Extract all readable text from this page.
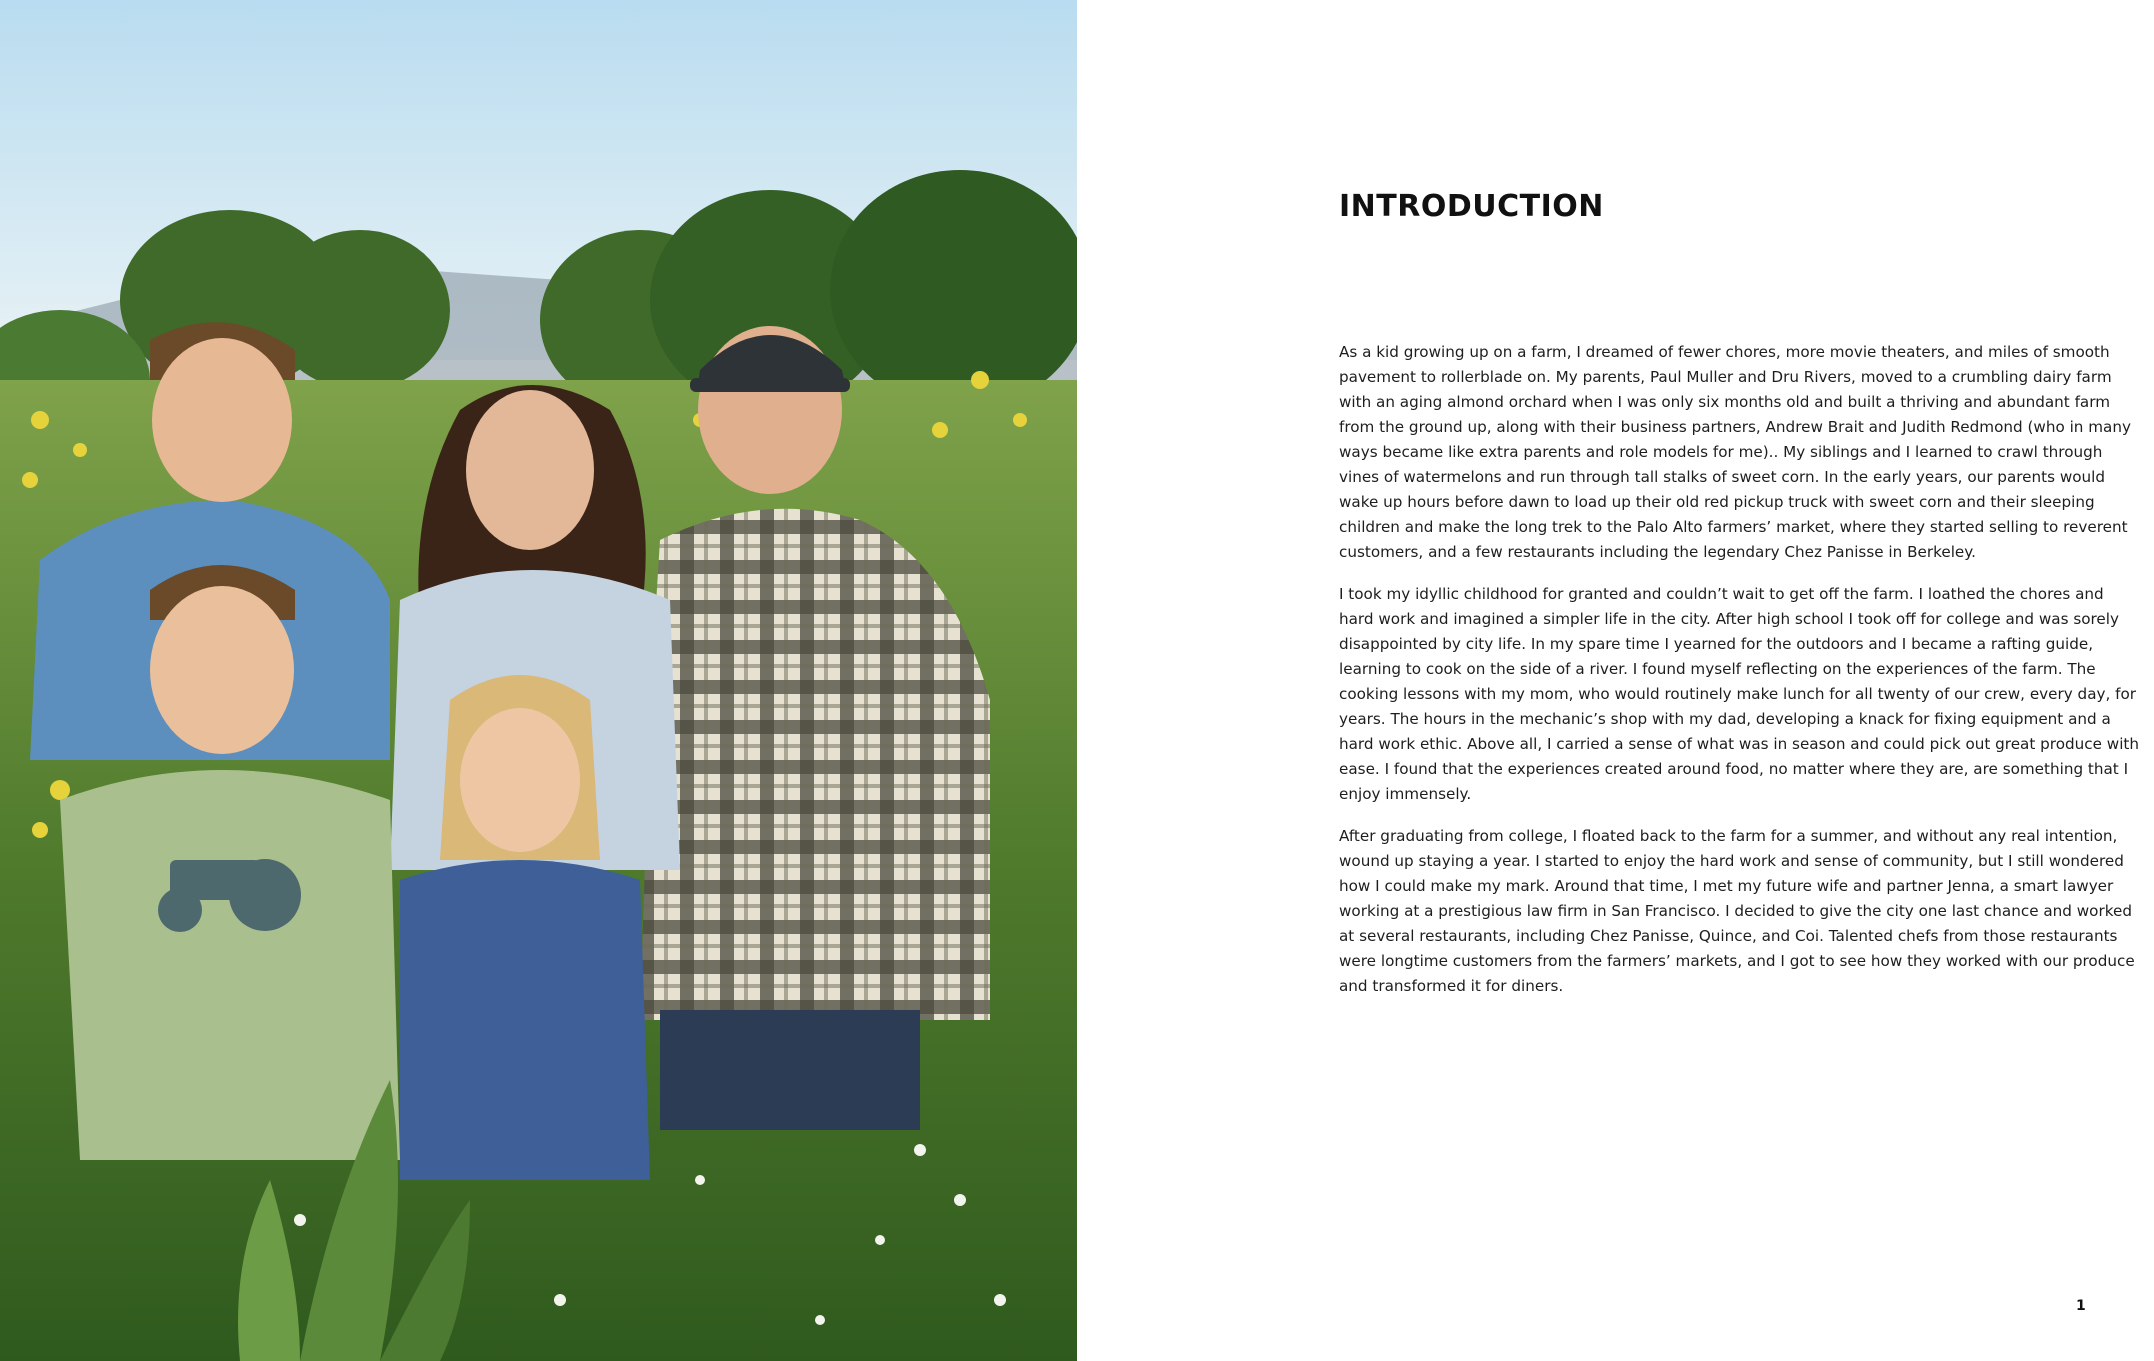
INTRODUCTION

As a kid growing up on a farm, I dreamed of fewer chores, more movie theaters, and miles of smooth pavement to rollerblade on. My parents, Paul Muller and Dru Rivers, moved to a crumbling dairy farm with an aging almond orchard when I was only six months old and built a thriving and abundant farm from the ground up, along with their business partners, Andrew Brait and Judith Redmond (who in many ways became like extra parents and role models for me).. My siblings and I learned to crawl through vines of watermelons and run through tall stalks of sweet corn. In the early years, our parents would wake up hours before dawn to load up their old red pickup truck with sweet corn and their sleeping children and make the long trek to the Palo Alto farmers’ market, where they started selling to reverent customers, and a few restaurants including the legendary Chez Panisse in Berkeley.

I took my idyllic childhood for granted and couldn’t wait to get off the farm. I loathed the chores and hard work and imagined a simpler life in the city. After high school I took off for college and was sorely disappointed by city life. In my spare time I yearned for the outdoors and I became a rafting guide, learning to cook on the side of a river. I found myself reflecting on the experiences of the farm. The cooking lessons with my mom, who would routinely make lunch for all twenty of our crew, every day, for years. The hours in the mechanic’s shop with my dad, developing a knack for fixing equipment and a hard work ethic. Above all, I carried a sense of what was in season and could pick out great produce with ease. I found that the experiences created around food, no matter where they are, are something that I enjoy immensely.

After graduating from college, I floated back to the farm for a summer, and without any real intention, wound up staying a year. I started to enjoy the hard work and sense of community, but I still wondered how I could make my mark. Around that time, I met my future wife and partner Jenna, a smart lawyer working at a prestigious law firm in San Francisco. I decided to give the city one last chance and worked at several restaurants, including Chez Panisse, Quince, and Coi. Talented chefs from those restaurants were longtime customers from the farmers’ markets, and I got to see how they worked with our produce and transformed it for diners.

1
